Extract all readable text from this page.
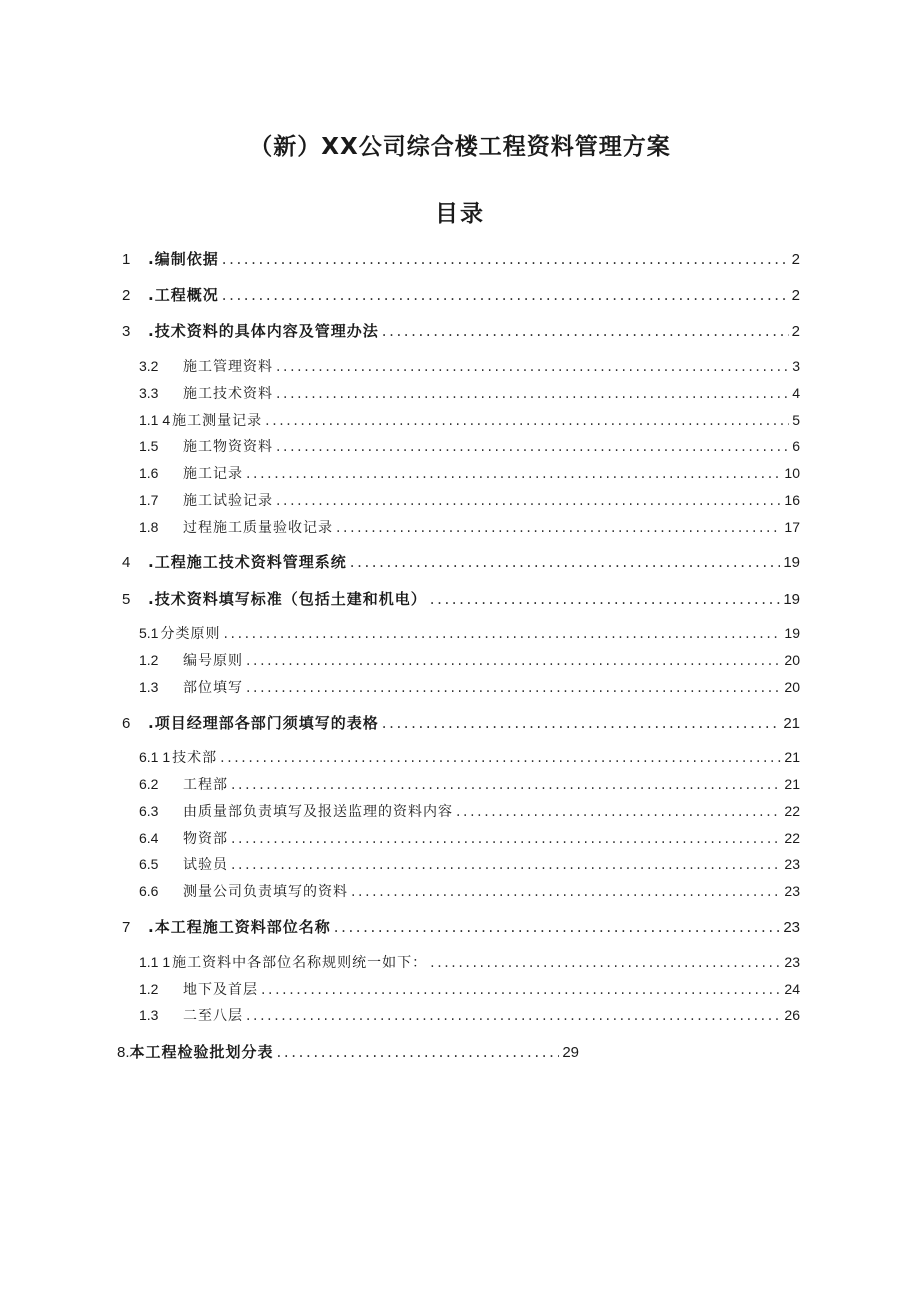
（新）XX公司综合楼工程资料管理方案
目录
1	.编制依据 .....	2
2	.工程概况 .....	2
3	.技术资料的具体内容及管理办法 .....	2
3.2	施工管理资料 .....	3
3.3	施工技术资料 .....	4
1.1 4 施工测量记录 .....	5
1.5	施工物资资料 .....	6
1.6	施工记录 .....	10
1.7	施工试验记录 .....	16
1.8	过程施工质量验收记录 .....	17
4	.工程施工技术资料管理系统 .....	19
5	.技术资料填写标准（包括土建和机电） .....	19
5.1 分类原则 .....	19
1.2	编号原则 .....	20
1.3	部位填写 .....	20
6	.项目经理部各部门须填写的表格 .....	21
6.1 1 技术部 .....	21
6.2	工程部 .....	21
6.3	由质量部负责填写及报送监理的资料内容 .....	22
6.4	物资部 .....	22
6.5	试验员 .....	23
6.6	测量公司负责填写的资料 .....	23
7	.本工程施工资料部位名称 .....	23
1.1 1 施工资料中各部位名称规则统一如下： .....	23
1.2	地下及首层 .....	24
1.3	二至八层 .....	26
8. 本工程检验批划分表 .....	29
